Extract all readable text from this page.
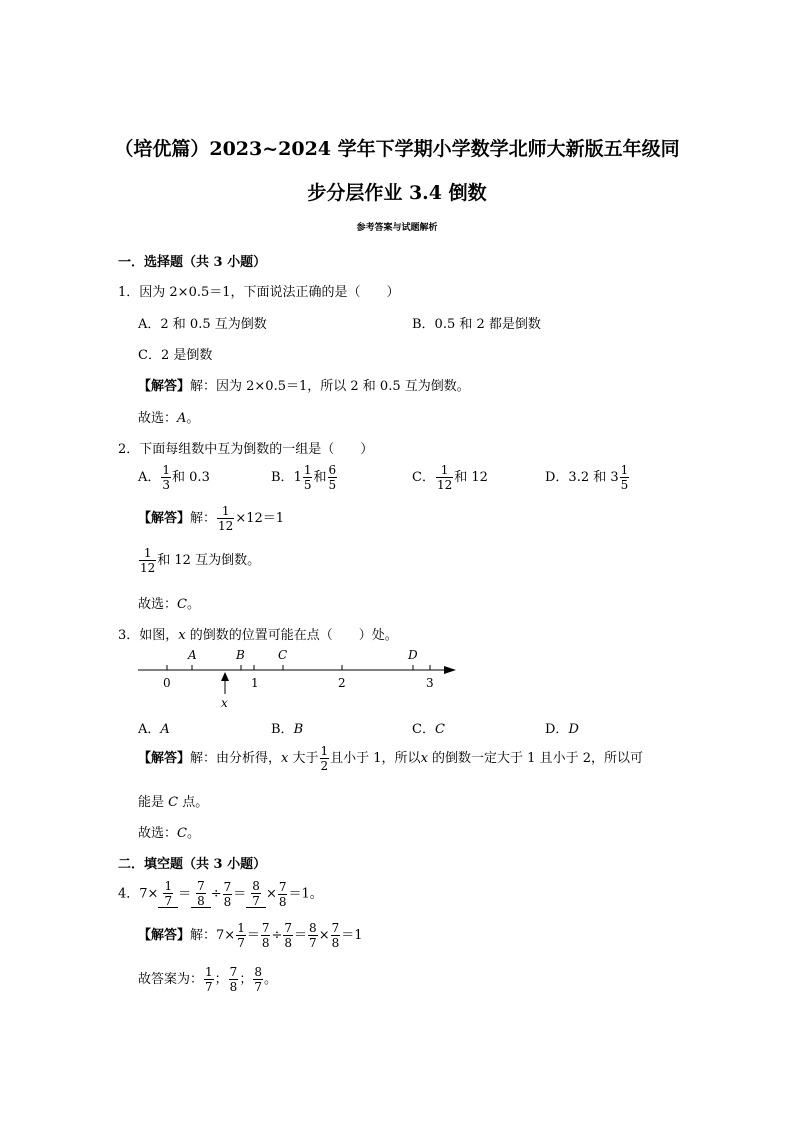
（培优篇）2023~2024 学年下学期小学数学北师大新版五年级同
步分层作业 3.4 倒数
参考答案与试题解析
一．选择题（共 3 小题）
1．因为 2×0.5＝1，下面说法正确的是（　　）
A．2 和 0.5 互为倒数	B．0.5 和 2 都是倒数
C．2 是倒数
【解答】解：因为 2×0.5＝1，所以 2 和 0.5 互为倒数。
故选：A。
2．下面每组数中互为倒数的一组是（　　）
A． $\frac{1}{3}$ 和 0.3	B．$1 \frac{1}{5}$ 和 $\frac{6}{5}$	C． $\frac{1}{12}$ 和 12	D．3.2 和 $3 \frac{1}{5}$
【解答】解： $\frac{1}{12} \times 12=1$
$\frac{1}{12}$ 和 12 互为倒数。
故选：C。
3．如图，x 的倒数的位置可能在点（　　）处。
0	1	2	3
A	B	C	D
x
A．A	B．B	C．C	D．D
【解答】解：由分析得，x 大于 $\frac{1}{2}$ 且小于 1，所以x 的倒数一定大于 1 且小于 2，所以可
能是 C 点。
故选：C。
二．填空题（共 3 小题）
4．$7\times \frac{1}{7} = \frac{7}{8} \div \frac{7}{8} = \frac{8}{7} \times \frac{7}{8} =1$。
【解答】解：$7\times \frac{1}{7} = \frac{7}{8} \div \frac{7}{8} = \frac{8}{7} \times \frac{7}{8} =1$
故答案为： $\frac{1}{7}$ ； $\frac{7}{8}$ ； $\frac{8}{7}$ 。
